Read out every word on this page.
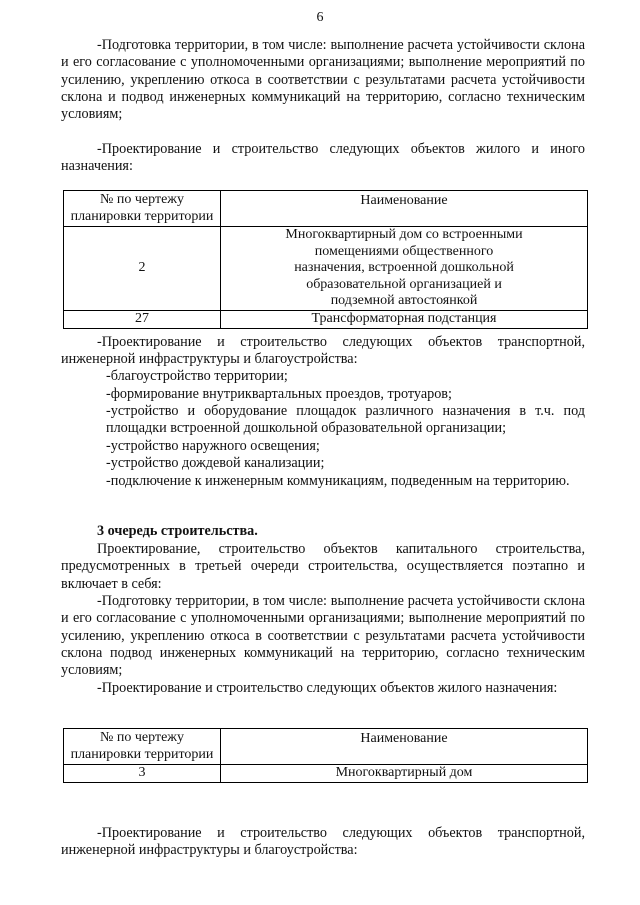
6

-Подготовка территории, в том числе: выполнение расчета устойчивости склона и его согласование с уполномоченными организациями; выполнение мероприятий по усилению, укреплению откоса в соответствии с результатами расчета устойчивости склона и подвод инженерных коммуникаций на территорию, согласно техническим условиям;

-Проектирование и строительство следующих объектов жилого и иного назначения:

№ по чертежу планировки территории	Наименование
2	Многоквартирный дом со встроенными помещениями общественного назначения, встроенной дошкольной образовательной организацией и подземной автостоянкой
27	Трансформаторная подстанция

-Проектирование и строительство следующих объектов транспортной, инженерной инфраструктуры и благоустройства:

-благоустройство территории;

-формирование внутриквартальных проездов, тротуаров;

-устройство и оборудование площадок различного назначения в т.ч. под площадки встроенной дошкольной образовательной организации;

-устройство наружного освещения;

-устройство дождевой канализации;

-подключение к инженерным коммуникациям, подведенным на территорию.

3 очередь строительства.

Проектирование, строительство объектов капитального строительства, предусмотренных в третьей очереди строительства, осуществляется поэтапно и включает в себя:

-Подготовку территории, в том числе: выполнение расчета устойчивости склона и его согласование с уполномоченными организациями; выполнение мероприятий по усилению, укреплению откоса в соответствии с результатами расчета устойчивости склона подвод инженерных коммуникаций на территорию, согласно техническим условиям;

-Проектирование и строительство следующих объектов жилого назначения:

№ по чертежу планировки территории	Наименование
3	Многоквартирный дом

-Проектирование и строительство следующих объектов транспортной, инженерной инфраструктуры и благоустройства:
